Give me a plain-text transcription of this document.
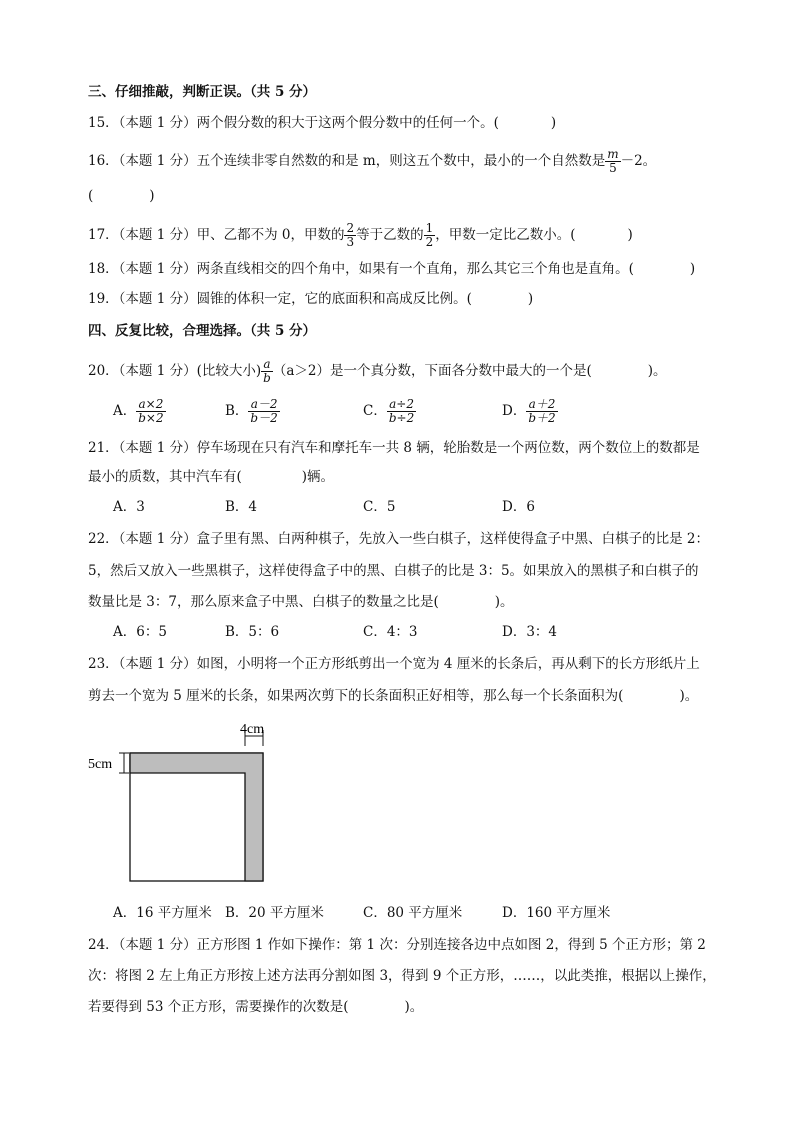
三、仔细推敲，判断正误。（共 5 分）
15．（本题 1 分）两个假分数的积大于这两个假分数中的任何一个。(	)
16．（本题 1 分）五个连续非零自然数的和是 m，则这五个数中，最小的一个自然数是 $\frac{m}{5} -2$。
(	)
17．（本题 1 分）甲、乙都不为 0，甲数的 $\frac{2}{3}$ 等于乙数的 $\frac{1}{2}$ ，甲数一定比乙数小。(	)
18．（本题 1 分）两条直线相交的四个角中，如果有一个直角，那么其它三个角也是直角。(	)
19．（本题 1 分）圆锥的体积一定，它的底面积和高成反比例。(	)
四、反复比较，合理选择。（共 5 分）
20．（本题 1 分）(比较大小) $\frac{a}{b} (a>2)$是一个真分数，下面各分数中最大的一个是(	)。
A． $\frac{a\times 2}{b\times 2}$	B． $\frac{a-2}{b-2}$	C． $\frac{a\div 2}{b\div 2}$	D． $\frac{a+2}{b+2}$
21．（本题 1 分）停车场现在只有汽车和摩托车一共 8 辆，轮胎数是一个两位数，两个数位上的数都是
最小的质数，其中汽车有(	)辆。
A．3	B．4	C．5	D．6
22．（本题 1 分）盒子里有黑、白两种棋子，先放入一些白棋子，这样使得盒子中黑、白棋子的比是 2：
5，然后又放入一些黑棋子，这样使得盒子中的黑、白棋子的比是 3：5。如果放入的黑棋子和白棋子的
数量比是 3：7，那么原来盒子中黑、白棋子的数量之比是(	)。
A．6：5	B．5：6	C．4：3	D．3：4
23．（本题 1 分）如图，小明将一个正方形纸剪出一个宽为 4 厘米的长条后，再从剩下的长方形纸片上
剪去一个宽为 5 厘米的长条，如果两次剪下的长条面积正好相等，那么每一个长条面积为(	)。
4cm
5cm
A．16 平方厘米 B．20 平方厘米	C．80 平方厘米	D．160 平方厘米
24．（本题 1 分）正方形图 1 作如下操作：第 1 次：分别连接各边中点如图 2，得到 5 个正方形；第 2
次：将图 2 左上角正方形按上述方法再分割如图 3，得到 9 个正方形，……，以此类推，根据以上操作，
若要得到 53 个正方形，需要操作的次数是(	)。
